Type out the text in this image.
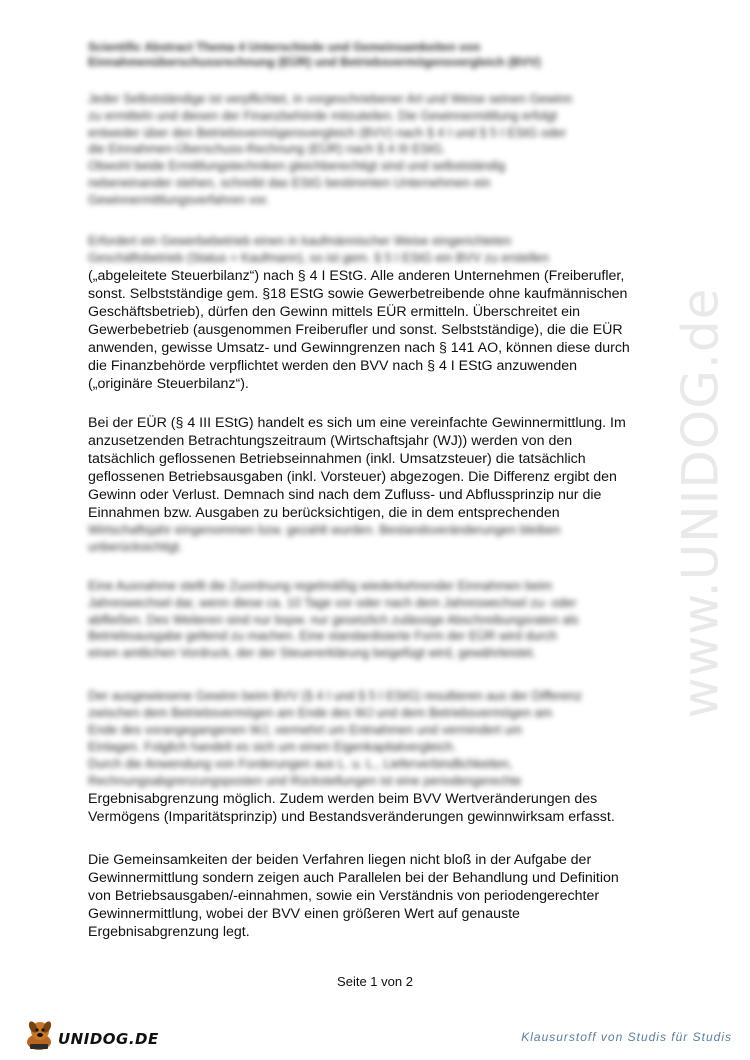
www.UNIDOG.de
Scientific Abstract Thema 4 Unterschiede und Gemeinsamkeiten von
Einnahmenüberschussrechnung (EÜR) und Betriebsvermögensvergleich (BVV)
Jeder Selbstständige ist verpflichtet, in vorgeschriebener Art und Weise seinen Gewinn
zu ermitteln und diesen der Finanzbehörde mitzuteilen. Die Gewinnermittlung erfolgt
entweder über den Betriebsvermögensvergleich (BVV) nach § 4 I und § 5 I EStG oder
die Einnahmen-Überschuss-Rechnung (EÜR) nach § 4 III EStG.
Obwohl beide Ermittlungstechniken gleichberechtigt sind und selbstständig
nebeneinander stehen, schreibt das EStG bestimmten Unternehmen ein
Gewinnermittlungsverfahren vor.
Erfordert ein Gewerbebetrieb einen in kaufmännischer Weise eingerichteten
Geschäftsbetrieb (Status = Kaufmann), so ist gem. § 5 I EStG ein BVV zu erstellen
(„abgeleitete Steuerbilanz“) nach § 4 I EStG. Alle anderen Unternehmen (Freiberufler,
sonst. Selbstständige gem. §18 EStG sowie Gewerbetreibende ohne kaufmännischen
Geschäftsbetrieb), dürfen den Gewinn mittels EÜR ermitteln. Überschreitet ein
Gewerbebetrieb (ausgenommen Freiberufler und sonst. Selbstständige), die die EÜR
anwenden, gewisse Umsatz- und Gewinngrenzen nach § 141 AO, können diese durch
die Finanzbehörde verpflichtet werden den BVV nach § 4 I EStG anzuwenden
(„originäre Steuerbilanz“).
Bei der EÜR (§ 4 III EStG) handelt es sich um eine vereinfachte Gewinnermittlung. Im
anzusetzenden Betrachtungszeitraum (Wirtschaftsjahr (WJ)) werden von den
tatsächlich geflossenen Betriebseinnahmen (inkl. Umsatzsteuer) die tatsächlich
geflossenen Betriebsausgaben (inkl. Vorsteuer) abgezogen. Die Differenz ergibt den
Gewinn oder Verlust. Demnach sind nach dem Zufluss- und Abflussprinzip nur die
Einnahmen bzw. Ausgaben zu berücksichtigen, die in dem entsprechenden
Wirtschaftsjahr eingenommen bzw. gezahlt wurden. Bestandsveränderungen bleiben
unberücksichtigt.
Eine Ausnahme stellt die Zuordnung regelmäßig wiederkehrender Einnahmen beim
Jahreswechsel dar, wenn diese ca. 10 Tage vor oder nach dem Jahreswechsel zu- oder
abfließen. Des Weiteren sind nur bspw. nur gesetzlich zulässige Abschreibungsraten als
Betriebsausgabe geltend zu machen. Eine standardisierte Form der EÜR wird durch
einen amtlichen Vordruck, der der Steuererklärung beigefügt wird, gewährleistet.
Der ausgewiesene Gewinn beim BVV (§ 4 I und § 5 I EStG) resultieren aus der Differenz
zwischen dem Betriebsvermögen am Ende des WJ und dem Betriebsvermögen am
Ende des vorangegangenen WJ, vermehrt um Entnahmen und vermindert um
Einlagen. Folglich handelt es sich um einen Eigenkapitalvergleich.
Durch die Anwendung von Forderungen aus L. u. L., Lieferverbindlichkeiten,
Rechnungsabgrenzungsposten und Rückstellungen ist eine periodengerechte
Ergebnisabgrenzung möglich. Zudem werden beim BVV Wertveränderungen des
Vermögens (Imparitätsprinzip) und Bestandsveränderungen gewinnwirksam erfasst.
Die Gemeinsamkeiten der beiden Verfahren liegen nicht bloß in der Aufgabe der
Gewinnermittlung sondern zeigen auch Parallelen bei der Behandlung und Definition
von Betriebsausgaben/-einnahmen, sowie ein Verständnis von periodengerechter
Gewinnermittlung, wobei der BVV einen größeren Wert auf genauste
Ergebnisabgrenzung legt.
Seite 1 von 2
UNIDOG.DE	Klausurstoff von Studis für Studis
